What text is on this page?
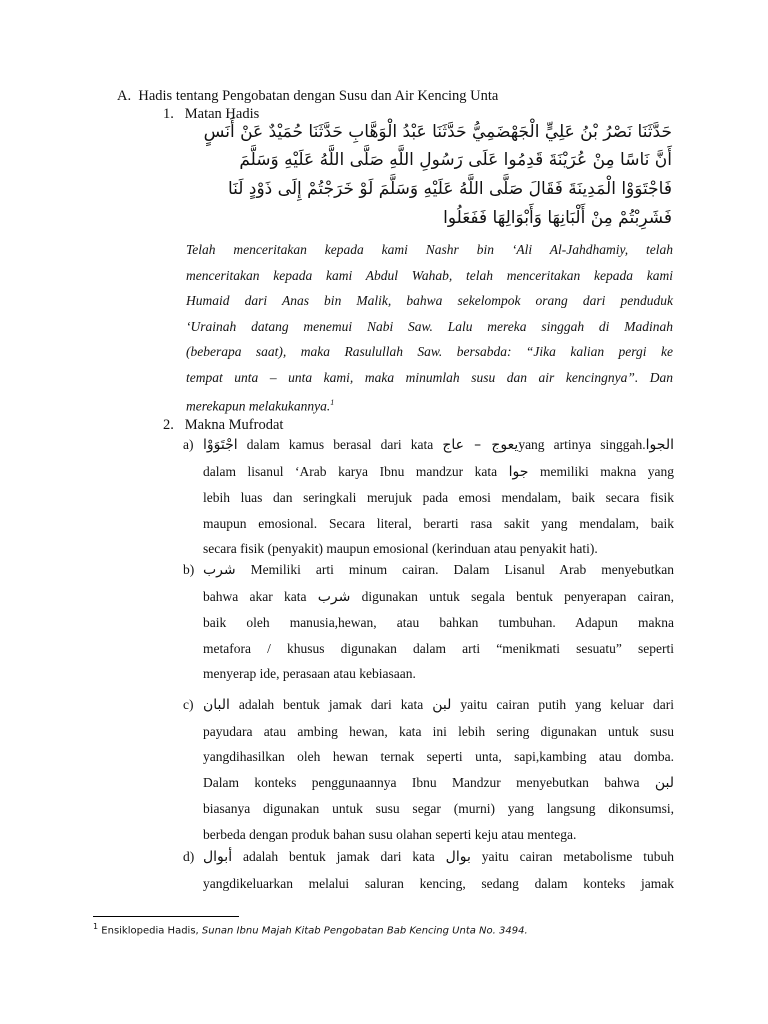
A. Hadis tentang Pengobatan dengan Susu dan Air Kencing Unta
1. Matan Hadis
حَدَّثَنَا نَصْرُ بْنُ عَلِيٍّ الْجَهْضَمِيُّ حَدَّثَنَا عَبْدُ الْوَهَّابِ حَدَّثَنَا حُمَيْدٌ عَنْ أَنَسٍ
أَنَّ نَاسًا مِنْ عُرَيْنَةَ قَدِمُوا عَلَى رَسُولِ اللَّهِ صَلَّى اللَّهُ عَلَيْهِ وَسَلَّمَ
فَاجْتَوَوْا الْمَدِينَةَ فَقَالَ صَلَّى اللَّهُ عَلَيْهِ وَسَلَّمَ لَوْ خَرَجْتُمْ إِلَى ذَوْدٍ لَنَا
فَشَرِبْتُمْ مِنْ أَلْبَانِهَا وَأَبْوَالِهَا فَفَعَلُوا
Telah menceritakan kepada kami Nashr bin ‘Ali Al-Jahdhamiy, telah
menceritakan kepada kami Abdul Wahab, telah menceritakan kepada kami
Humaid dari Anas bin Malik, bahwa sekelompok orang dari penduduk
‘Urainah datang menemui Nabi Saw. Lalu mereka singgah di Madinah
(beberapa saat), maka Rasulullah Saw. bersabda: “Jika kalian pergi ke
tempat unta – unta kami, maka minumlah susu dan air kencingnya”. Dan
merekapun melakukannya.$^1$
2. Makna Mufrodat
a) اجْتَوَوْا dalam kamus berasal dari kata يعوج – عاجyang artinya singgah.الجوا
dalam lisanul ‘Arab karya Ibnu mandzur kata جوا memiliki makna yang
lebih luas dan seringkali merujuk pada emosi mendalam, baik secara fisik
maupun emosional. Secara literal, berarti rasa sakit yang mendalam, baik
secara fisik (penyakit) maupun emosional (kerinduan atau penyakit hati).
b) شرب Memiliki arti minum cairan. Dalam Lisanul Arab menyebutkan
bahwa akar kata شرب digunakan untuk segala bentuk penyerapan cairan,
baik oleh manusia,hewan, atau bahkan tumbuhan. Adapun makna
metafora / khusus digunakan dalam arti “menikmati sesuatu” seperti
menyerap ide, perasaan atau kebiasaan.
c) البان adalah bentuk jamak dari kata لبن yaitu cairan putih yang keluar dari
payudara atau ambing hewan, kata ini lebih sering digunakan untuk susu
yangdihasilkan oleh hewan ternak seperti unta, sapi,kambing atau domba.
Dalam konteks penggunaannya Ibnu Mandzur menyebutkan bahwa لبن
biasanya digunakan untuk susu segar (murni) yang langsung dikonsumsi,
berbeda dengan produk bahan susu olahan seperti keju atau mentega.
d) أبوال adalah bentuk jamak dari kata بوال yaitu cairan metabolisme tubuh
yangdikeluarkan melalui saluran kencing, sedang dalam konteks jamak
$^1$ Ensiklopedia Hadis, Sunan Ibnu Majah Kitab Pengobatan Bab Kencing Unta No. 3494.
